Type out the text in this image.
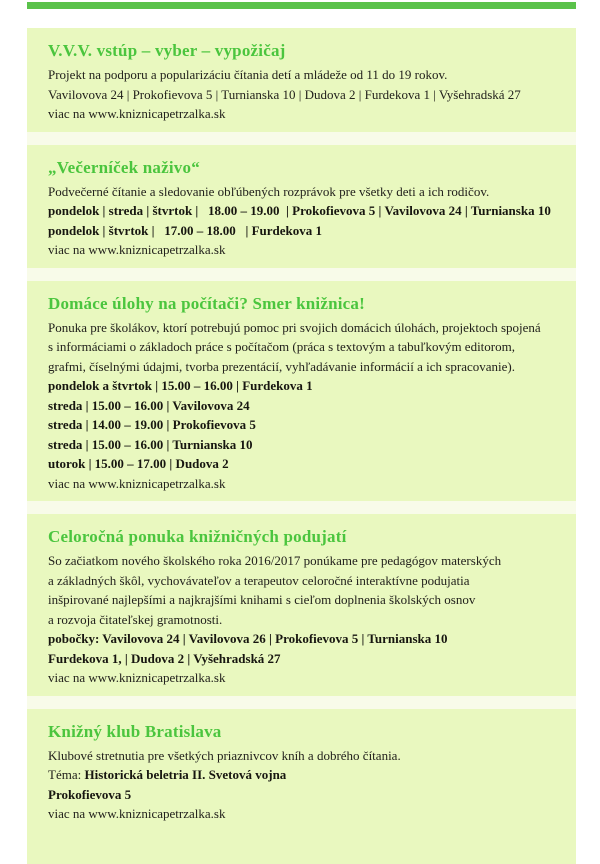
V.V.V. vstúp – vyber – vypožičaj
Projekt na podporu a popularizáciu čítania detí a mládeže od 11 do 19 rokov.
Vavilovova 24 | Prokofievova 5 | Turnianska 10 | Dudova 2 | Furdekova 1 | Vyšehradská 27
viac na www.kniznicapetrzalka.sk
„Večerníček naživo“
Podvečerné čítanie a sledovanie obľúbených rozprávok pre všetky deti a ich rodičov.
pondelok | streda | štvrtok |   18.00 – 19.00  | Prokofievova 5 | Vavilovova 24 | Turnianska 10
pondelok | štvrtok |   17.00 – 18.00   | Furdekova 1
viac na www.kniznicapetrzalka.sk
Domáce úlohy na počítači? Smer knižnica!
Ponuka pre školákov, ktorí potrebujú pomoc pri svojich domácich úlohách, projektoch spojená
s informáciami o základoch práce s počítačom (práca s textovým a tabuľkovým editorom,
grafmi, číselnými údajmi, tvorba prezentácií, vyhľadávanie informácií a ich spracovanie).
pondelok a štvrtok | 15.00 – 16.00 | Furdekova 1
streda | 15.00 – 16.00 | Vavilovova 24
streda | 14.00 – 19.00 | Prokofievova 5
streda | 15.00 – 16.00 | Turnianska 10
utorok | 15.00 – 17.00 | Dudova 2
viac na www.kniznicapetrzalka.sk
Celoročná ponuka knižničných podujatí
So začiatkom nového školského roka 2016/2017 ponúkame pre pedagógov materských
a základných škôl, vychovávateľov a terapeutov celoročné interaktívne podujatia
inšpirované najlepšími a najkrajšími knihami s cieľom doplnenia školských osnov
a rozvoja čitateľskej gramotnosti.
pobočky: Vavilovova 24 | Vavilovova 26 | Prokofievova 5 | Turnianska 10
Furdekova 1, | Dudova 2 | Vyšehradská 27
viac na www.kniznicapetrzalka.sk
Knižný klub Bratislava
Klubové stretnutia pre všetkých priaznivcov kníh a dobrého čítania.
Téma: Historická beletria II. Svetová vojna
Prokofievova 5
viac na www.kniznicapetrzalka.sk
